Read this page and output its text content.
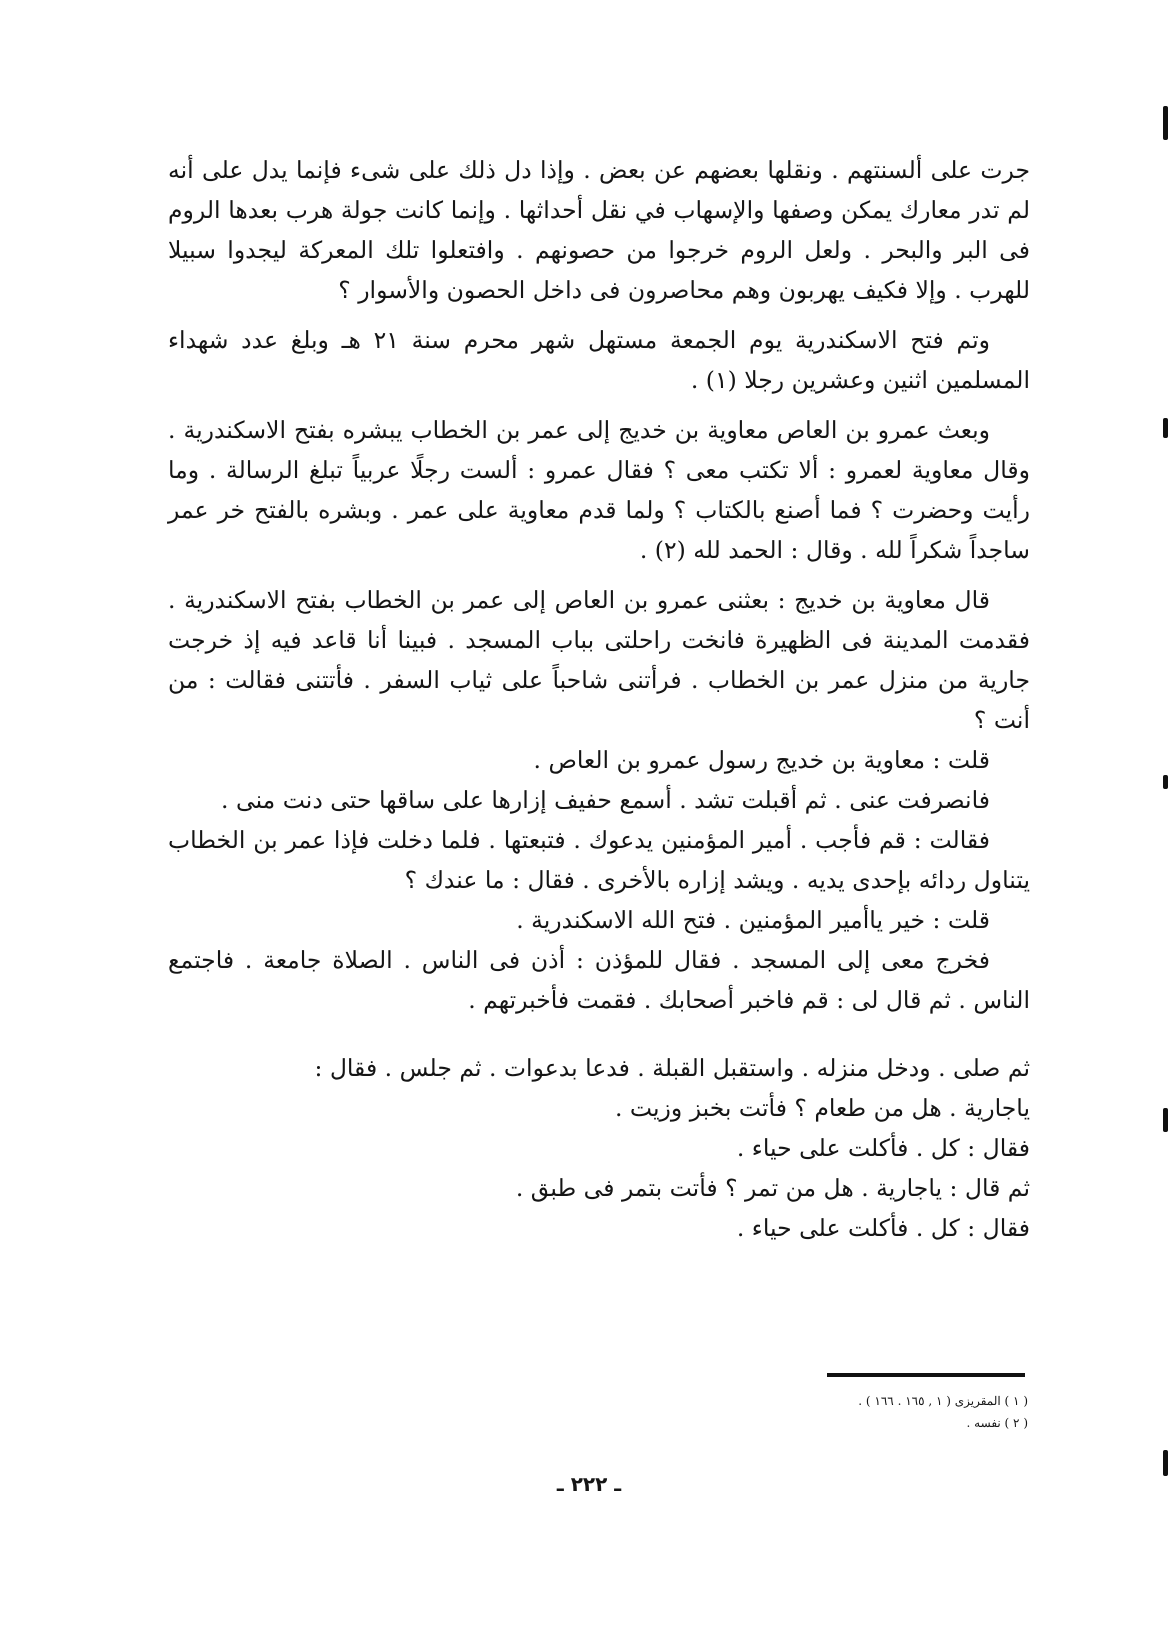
جرت على ألسنتهم . ونقلها بعضهم عن بعض . وإذا دل ذلك على شىء فإنما يدل على أنه لم تدر معارك يمكن وصفها والإسهاب في نقل أحداثها . وإنما كانت جولة هرب بعدها الروم فى البر والبحر . ولعل الروم خرجوا من حصونهم . وافتعلوا تلك المعركة ليجدوا سبيلا للهرب . وإلا فكيف يهربون وهم محاصرون فى داخل الحصون والأسوار ؟

وتم فتح الاسكندرية يوم الجمعة مستهل شهر محرم سنة ٢١ هـ وبلغ عدد شهداء المسلمين اثنين وعشرين رجلا (١) .

وبعث عمرو بن العاص معاوية بن خديج إلى عمر بن الخطاب يبشره بفتح الاسكندرية . وقال معاوية لعمرو : ألا تكتب معى ؟ فقال عمرو : ألست رجلًا عربياً تبلغ الرسالة . وما رأيت وحضرت ؟ فما أصنع بالكتاب ؟ ولما قدم معاوية على عمر . وبشره بالفتح خر عمر ساجداً شكراً لله . وقال : الحمد لله (٢) .

قال معاوية بن خديج : بعثنى عمرو بن العاص إلى عمر بن الخطاب بفتح الاسكندرية . فقدمت المدينة فى الظهيرة فانخت راحلتى بباب المسجد . فبينا أنا قاعد فيه إذ خرجت جارية من منزل عمر بن الخطاب . فرأتنى شاحباً على ثياب السفر . فأتتنى فقالت : من أنت ؟

قلت : معاوية بن خديج رسول عمرو بن العاص .

فانصرفت عنى . ثم أقبلت تشد . أسمع حفيف إزارها على ساقها حتى دنت منى .

فقالت : قم فأجب . أمير المؤمنين يدعوك . فتبعتها . فلما دخلت فإذا عمر بن الخطاب يتناول ردائه بإحدى يديه . ويشد إزاره بالأخرى . فقال : ما عندك ؟

قلت : خير ياأمير المؤمنين . فتح الله الاسكندرية .

فخرج معى إلى المسجد . فقال للمؤذن : أذن فى الناس . الصلاة جامعة . فاجتمع الناس . ثم قال لى : قم فاخبر أصحابك . فقمت فأخبرتهم .

ثم صلى . ودخل منزله . واستقبل القبلة . فدعا بدعوات . ثم جلس . فقال :
ياجارية . هل من طعام ؟ فأتت بخبز وزيت .
فقال : كل . فأكلت على حياء .
ثم قال : ياجارية . هل من تمر ؟ فأتت بتمر فى طبق .
فقال : كل . فأكلت على حياء .
( ١ ) المقريزى ( ١ , ١٦٥ . ١٦٦ ) .
( ٢ ) نفسه .
ـ ٢٢٢ ـ
